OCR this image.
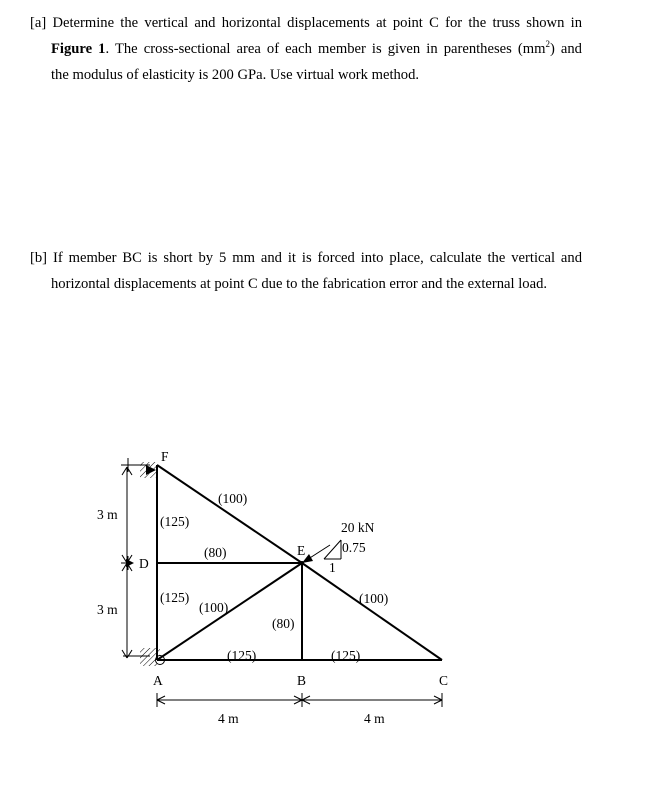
[a] Determine the vertical and horizontal displacements at point C for the truss shown in
Figure 1. The cross-sectional area of each member is given in parentheses $(mm^2)$ and
the modulus of elasticity is 200 GPa. Use virtual work method.
[b] If member BC is short by 5 mm and it is forced into place, calculate the vertical and
horizontal displacements at point C due to the fabrication error and the external load.
F
D
A	B	C
E
(125)
(100)
(80)
(125)
(100)
(80)
(125)	(125)
(100)
20 kN
0.75
1
3 m
3 m
4 m	4 m
